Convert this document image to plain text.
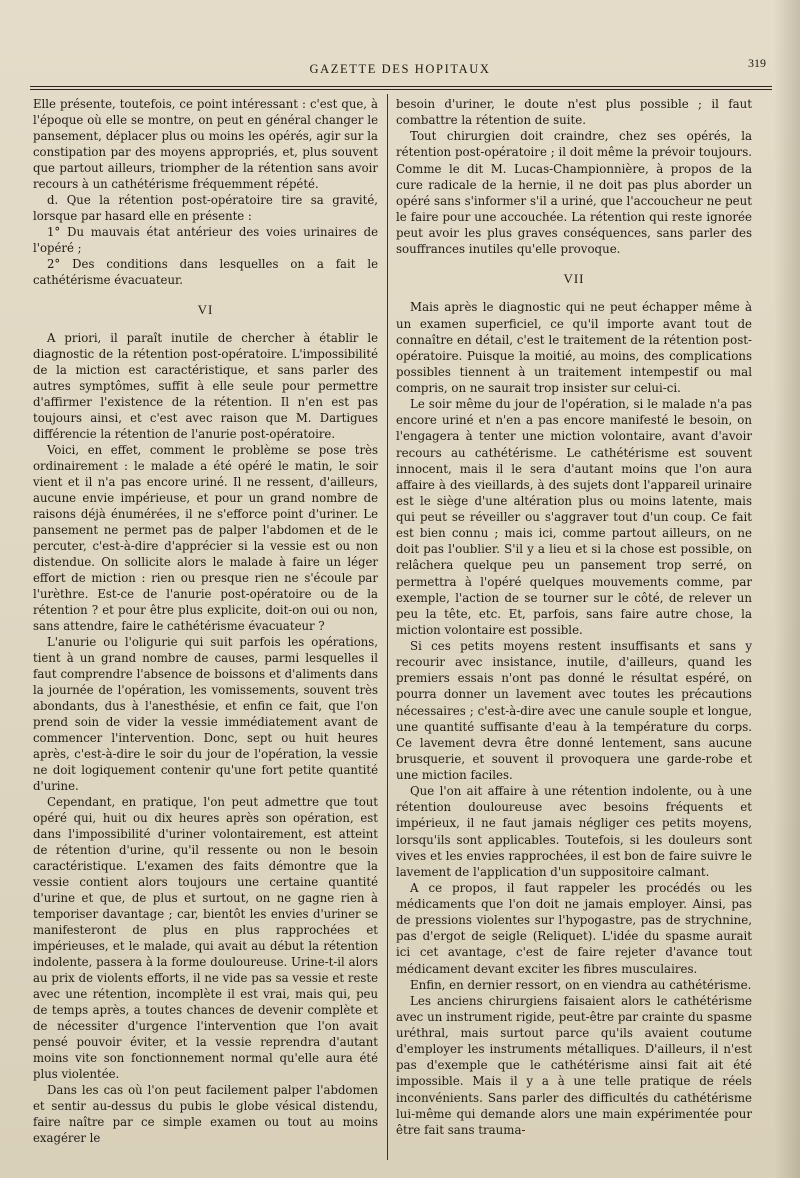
GAZETTE DES HOPITAUX	319

Elle présente, toutefois, ce point intéressant : c'est que, à l'époque où elle se montre, on peut en général changer le pansement, déplacer plus ou moins les opérés, agir sur la constipation par des moyens appropriés, et, plus souvent que partout ailleurs, triompher de la rétention sans avoir recours à un cathétérisme fréquemment répété.

d. Que la rétention post-opératoire tire sa gravité, lorsque par hasard elle en présente :

1° Du mauvais état antérieur des voies urinaires de l'opéré ;

2° Des conditions dans lesquelles on a fait le cathétérisme évacuateur.

VI

A priori, il paraît inutile de chercher à établir le diagnostic de la rétention post-opératoire. L'impossibilité de la miction est caractéristique, et sans parler des autres symptômes, suffit à elle seule pour permettre d'affirmer l'existence de la rétention. Il n'en est pas toujours ainsi, et c'est avec raison que M. Dartigues différencie la rétention de l'anurie post-opératoire.

Voici, en effet, comment le problème se pose très ordinairement : le malade a été opéré le matin, le soir vient et il n'a pas encore uriné. Il ne ressent, d'ailleurs, aucune envie impérieuse, et pour un grand nombre de raisons déjà énumérées, il ne s'efforce point d'uriner. Le pansement ne permet pas de palper l'abdomen et de le percuter, c'est-à-dire d'apprécier si la vessie est ou non distendue. On sollicite alors le malade à faire un léger effort de miction : rien ou presque rien ne s'écoule par l'urèthre. Est-ce de l'anurie post-opératoire ou de la rétention ? et pour être plus explicite, doit-on oui ou non, sans attendre, faire le cathétérisme évacuateur ?

L'anurie ou l'oligurie qui suit parfois les opérations, tient à un grand nombre de causes, parmi lesquelles il faut comprendre l'absence de boissons et d'aliments dans la journée de l'opération, les vomissements, souvent très abondants, dus à l'anesthésie, et enfin ce fait, que l'on prend soin de vider la vessie immédiatement avant de commencer l'intervention. Donc, sept ou huit heures après, c'est-à-dire le soir du jour de l'opération, la vessie ne doit logiquement contenir qu'une fort petite quantité d'urine.

Cependant, en pratique, l'on peut admettre que tout opéré qui, huit ou dix heures après son opération, est dans l'impossibilité d'uriner volontairement, est atteint de rétention d'urine, qu'il ressente ou non le besoin caractéristique. L'examen des faits démontre que la vessie contient alors toujours une certaine quantité d'urine et que, de plus et surtout, on ne gagne rien à temporiser davantage ; car, bientôt les envies d'uriner se manifesteront de plus en plus rapprochées et impérieuses, et le malade, qui avait au début la rétention indolente, passera à la forme douloureuse. Urine-t-il alors au prix de violents efforts, il ne vide pas sa vessie et reste avec une rétention, incomplète il est vrai, mais qui, peu de temps après, a toutes chances de devenir complète et de nécessiter d'urgence l'intervention que l'on avait pensé pouvoir éviter, et la vessie reprendra d'autant moins vite son fonctionnement normal qu'elle aura été plus violentée.

Dans les cas où l'on peut facilement palper l'abdomen et sentir au-dessus du pubis le globe vésical distendu, faire naître par ce simple examen ou tout au moins exagérer le

besoin d'uriner, le doute n'est plus possible ; il faut combattre la rétention de suite.

Tout chirurgien doit craindre, chez ses opérés, la rétention post-opératoire ; il doit même la prévoir toujours. Comme le dit M. Lucas-Championnière, à propos de la cure radicale de la hernie, il ne doit pas plus aborder un opéré sans s'informer s'il a uriné, que l'accoucheur ne peut le faire pour une accouchée. La rétention qui reste ignorée peut avoir les plus graves conséquences, sans parler des souffrances inutiles qu'elle provoque.

VII

Mais après le diagnostic qui ne peut échapper même à un examen superficiel, ce qu'il importe avant tout de connaître en détail, c'est le traitement de la rétention post-opératoire. Puisque la moitié, au moins, des complications possibles tiennent à un traitement intempestif ou mal compris, on ne saurait trop insister sur celui-ci.

Le soir même du jour de l'opération, si le malade n'a pas encore uriné et n'en a pas encore manifesté le besoin, on l'engagera à tenter une miction volontaire, avant d'avoir recours au cathétérisme. Le cathétérisme est souvent innocent, mais il le sera d'autant moins que l'on aura affaire à des vieillards, à des sujets dont l'appareil urinaire est le siège d'une altération plus ou moins latente, mais qui peut se réveiller ou s'aggraver tout d'un coup. Ce fait est bien connu ; mais ici, comme partout ailleurs, on ne doit pas l'oublier. S'il y a lieu et si la chose est possible, on relâchera quelque peu un pansement trop serré, on permettra à l'opéré quelques mouvements comme, par exemple, l'action de se tourner sur le côté, de relever un peu la tête, etc. Et, parfois, sans faire autre chose, la miction volontaire est possible.

Si ces petits moyens restent insuffisants et sans y recourir avec insistance, inutile, d'ailleurs, quand les premiers essais n'ont pas donné le résultat espéré, on pourra donner un lavement avec toutes les précautions nécessaires ; c'est-à-dire avec une canule souple et longue, une quantité suffisante d'eau à la température du corps. Ce lavement devra être donné lentement, sans aucune brusquerie, et souvent il provoquera une garde-robe et une miction faciles.

Que l'on ait affaire à une rétention indolente, ou à une rétention douloureuse avec besoins fréquents et impérieux, il ne faut jamais négliger ces petits moyens, lorsqu'ils sont applicables. Toutefois, si les douleurs sont vives et les envies rapprochées, il est bon de faire suivre le lavement de l'application d'un suppositoire calmant.

A ce propos, il faut rappeler les procédés ou les médicaments que l'on doit ne jamais employer. Ainsi, pas de pressions violentes sur l'hypogastre, pas de strychnine, pas d'ergot de seigle (Reliquet). L'idée du spasme aurait ici cet avantage, c'est de faire rejeter d'avance tout médicament devant exciter les fibres musculaires.

Enfin, en dernier ressort, on en viendra au cathétérisme.

Les anciens chirurgiens faisaient alors le cathétérisme avec un instrument rigide, peut-être par crainte du spasme uréthral, mais surtout parce qu'ils avaient coutume d'employer les instruments métalliques. D'ailleurs, il n'est pas d'exemple que le cathétérisme ainsi fait ait été impossible. Mais il y a à une telle pratique de réels inconvénients. Sans parler des difficultés du cathétérisme lui-même qui demande alors une main expérimentée pour être fait sans trauma-
